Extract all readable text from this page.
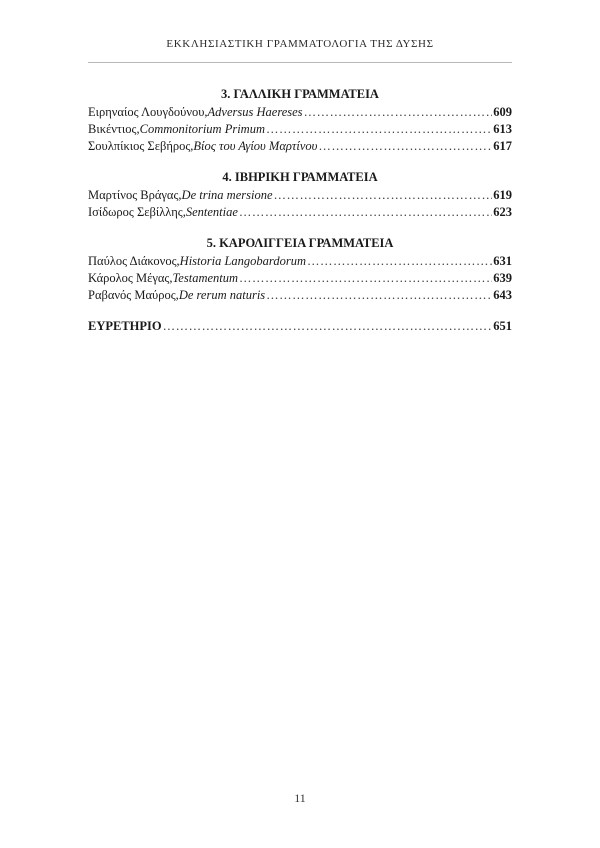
ΕΚΚΛΗΣΙΑΣΤΙΚΗ ΓΡΑΜΜΑΤΟΛΟΓΙΑ ΤΗΣ ΔΥΣΗΣ
3. ΓΑΛΛΙΚΗ ΓΡΑΜΜΑΤΕΙΑ
Ειρηναίος Λουγδούνου, Adversus Haereses ……………………………………………………………………………………………………………………………………………………	609
Βικέντιος, Commonitorium Primum ……………………………………………………………………………………………………………………………………………………	613
Σουλπίκιος Σεβήρος, Βίος του Αγίου Μαρτίνου ……………………………………………………………………………………………………………………………………………………	617
4. ΙΒΗΡΙΚΗ ΓΡΑΜΜΑΤΕΙΑ
Μαρτίνος Βράγας, De trina mersione ……………………………………………………………………………………………………………………………………………………	619
Ισίδωρος Σεβίλλης, Sententiae ……………………………………………………………………………………………………………………………………………………	623
5. ΚΑΡΟΛΙΓΓΕΙΑ ΓΡΑΜΜΑΤΕΙΑ
Παύλος Διάκονος, Historia Langobardorum ……………………………………………………………………………………………………………………………………………………	631
Κάρολος Μέγας, Testamentum ……………………………………………………………………………………………………………………………………………………	639
Ραβανός Μαύρος, De rerum naturis ……………………………………………………………………………………………………………………………………………………	643
ΕΥΡΕΤΗΡΙΟ ……………………………………………………………………………………………………………………………………………………	651
11
